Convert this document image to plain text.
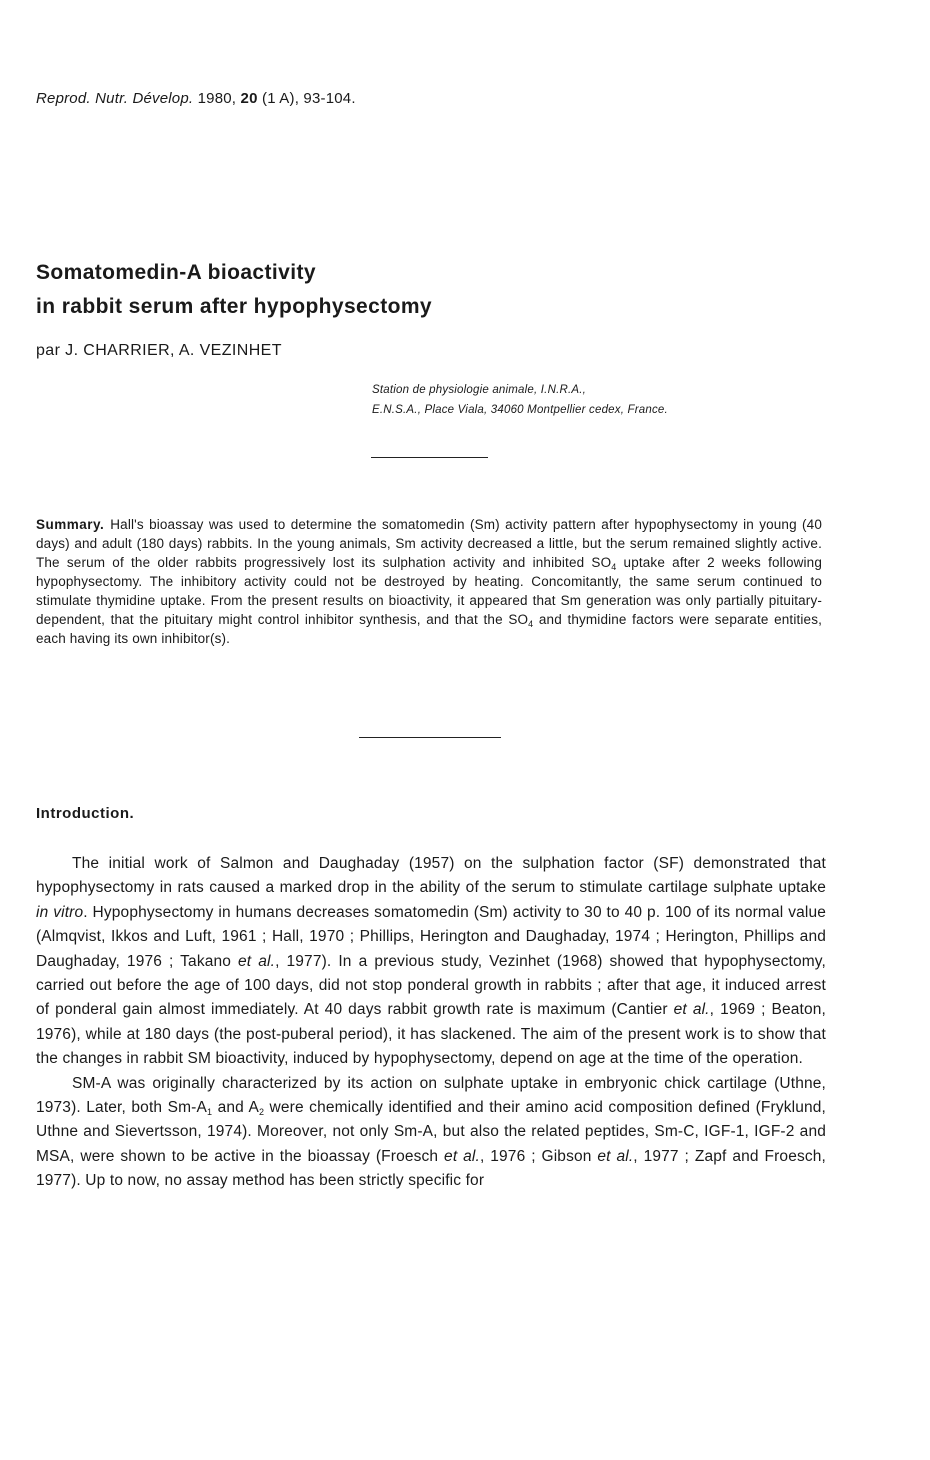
Reprod. Nutr. Dévelop. 1980, 20 (1 A), 93-104.
Somatomedin-A bioactivity
in rabbit serum after hypophysectomy
par J. CHARRIER, A. VEZINHET
Station de physiologie animale, I.N.R.A.,
E.N.S.A., Place Viala, 34060 Montpellier cedex, France.
Summary. Hall's bioassay was used to determine the somatomedin (Sm) activity pattern after hypophysectomy in young (40 days) and adult (180 days) rabbits. In the young animals, Sm activity decreased a little, but the serum remained slightly active. The serum of the older rabbits progressively lost its sulphation activity and inhibited $SO_4$ uptake after 2 weeks following hypophysectomy. The inhibitory activity could not be destroyed by heating. Concomitantly, the same serum continued to stimulate thymidine uptake. From the present results on bioactivity, it appeared that Sm generation was only partially pituitary-dependent, that the pituitary might control inhibitor synthesis, and that the $SO_4$ and thymidine factors were separate entities, each having its own inhibitor(s).
Introduction.

The initial work of Salmon and Daughaday (1957) on the sulphation factor (SF) demonstrated that hypophysectomy in rats caused a marked drop in the ability of the serum to stimulate cartilage sulphate uptake in vitro. Hypophysectomy in humans decreases somatomedin (Sm) activity to 30 to 40 p. 100 of its normal value (Almqvist, Ikkos and Luft, 1961 ; Hall, 1970 ; Phillips, Herington and Daughaday, 1974 ; Herington, Phillips and Daughaday, 1976 ; Takano et al., 1977). In a previous study, Vezinhet (1968) showed that hypophysectomy, carried out before the age of 100 days, did not stop ponderal growth in rabbits ; after that age, it induced arrest of ponderal gain almost immediately. At 40 days rabbit growth rate is maximum (Cantier et al., 1969 ; Beaton, 1976), while at 180 days (the post-puberal period), it has slackened. The aim of the present work is to show that the changes in rabbit SM bioactivity, induced by hypophysectomy, depend on age at the time of the operation.

SM-A was originally characterized by its action on sulphate uptake in embryonic chick cartilage (Uthne, 1973). Later, both $Sm-A_1$ and $A_2$ were chemically identified and their amino acid composition defined (Fryklund, Uthne and Sievertsson, 1974). Moreover, not only Sm-A, but also the related peptides, Sm-C, IGF-1, IGF-2 and MSA, were shown to be active in the bioassay (Froesch et al., 1976 ; Gibson et al., 1977 ; Zapf and Froesch, 1977). Up to now, no assay method has been strictly specific for
